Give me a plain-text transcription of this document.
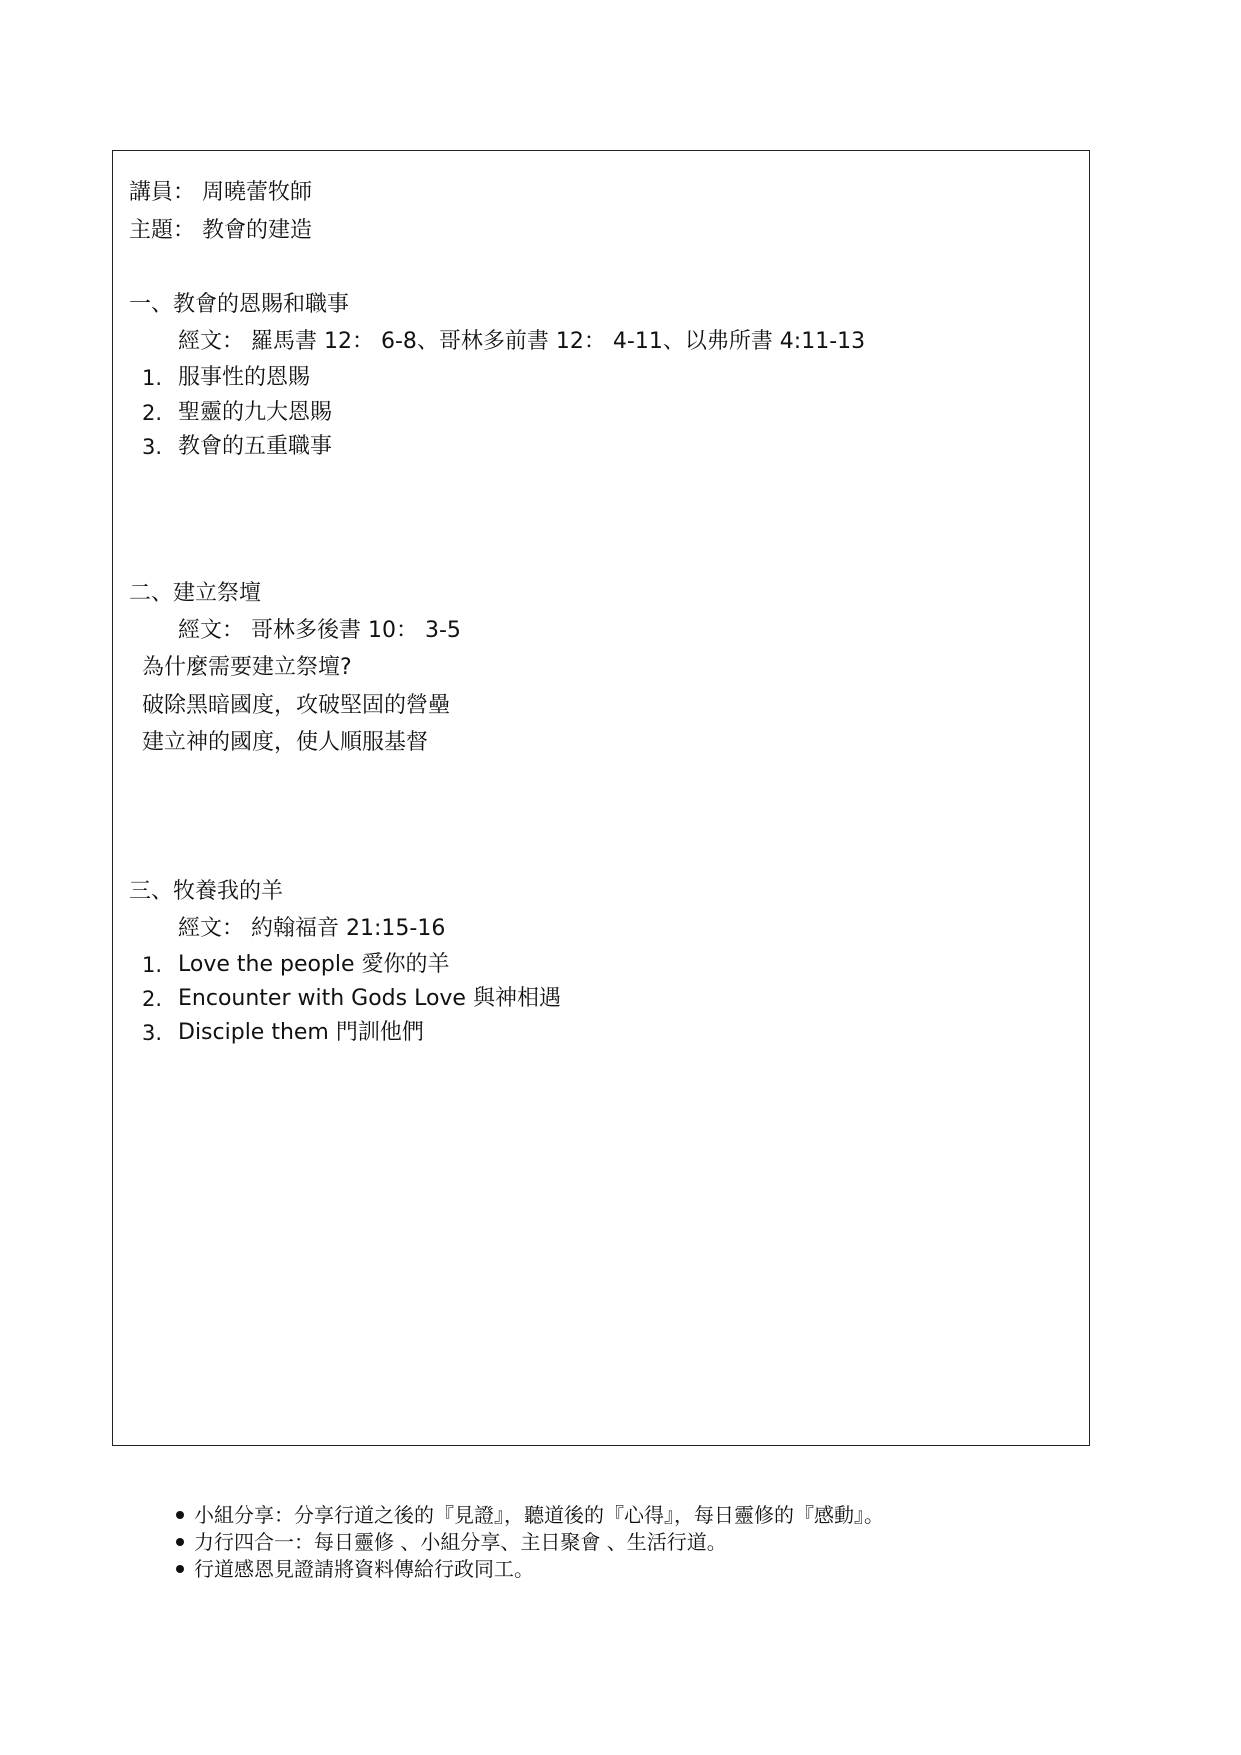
講員： 周曉蕾牧師
主題： 教會的建造
一、教會的恩賜和職事
經文： 羅馬書 12： 6-8、哥林多前書 12： 4-11、以弗所書 4:11-13
1. 服事性的恩賜
2. 聖靈的九大恩賜
3. 教會的五重職事
二、建立祭壇
經文： 哥林多後書 10： 3-5
為什麼需要建立祭壇?
破除黑暗國度，攻破堅固的營壘
建立神的國度，使人順服基督
三、牧養我的羊
經文： 約翰福音 21:15-16
1. Love the people 愛你的羊
2. Encounter with Gods Love 與神相遇
3. Disciple them 門訓他們
小組分享：分享行道之後的『見證』，聽道後的『心得』，每日靈修的『感動』。
力行四合一：每日靈修 、小組分享、主日聚會 、生活行道。
行道感恩見證請將資料傳給行政同工。
